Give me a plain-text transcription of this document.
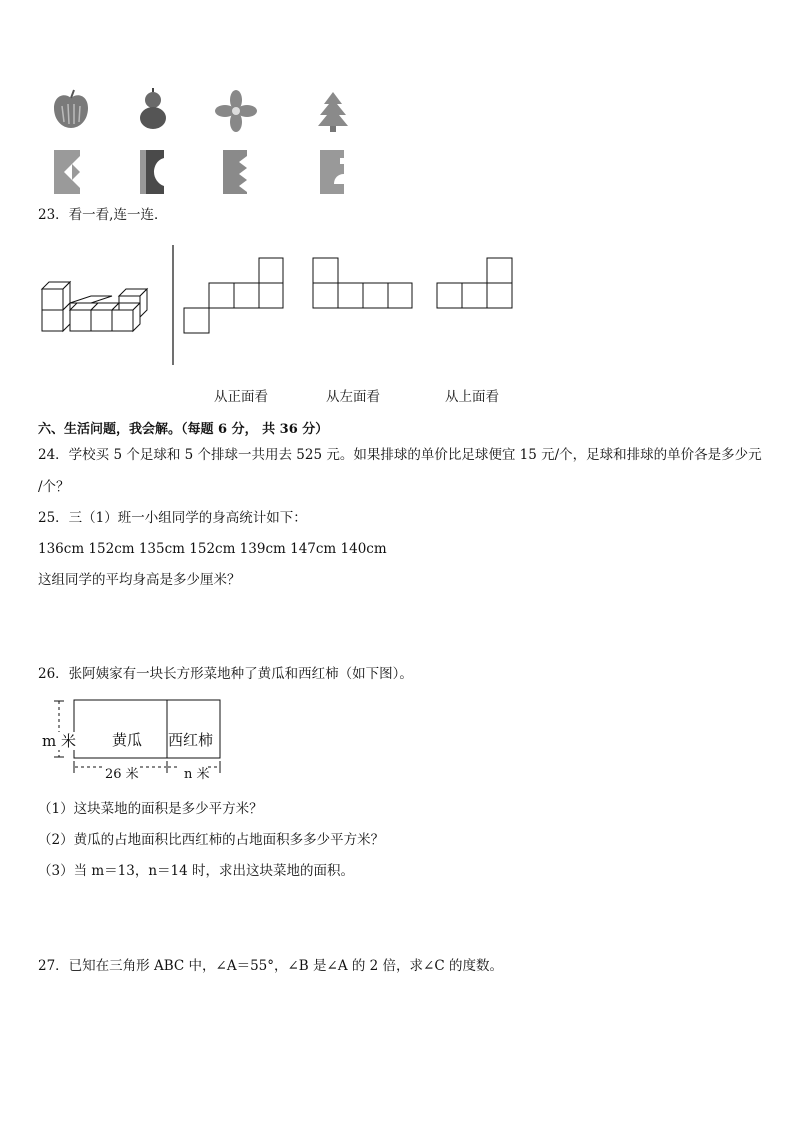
23．看一看,连一连．
从正面看	从左面看	从上面看
六、生活问题，我会解。（每题 6 分， 共 36 分）
24．学校买 5 个足球和 5 个排球一共用去 525 元。如果排球的单价比足球便宜 15 元/个，足球和排球的单价各是多少元
/个？
25．三（1）班一小组同学的身高统计如下：
136cm 152cm 135cm 152cm 139cm 147cm 140cm
这组同学的平均身高是多少厘米？
26．张阿姨家有一块长方形菜地种了黄瓜和西红柿（如下图）。
m 米 黄瓜 西红柿
26 米	n 米
（1）这块菜地的面积是多少平方米？
（2）黄瓜的占地面积比西红柿的占地面积多多少平方米？
（3）当 m＝13，n＝14 时，求出这块菜地的面积。
27．已知在三角形 ABC 中，∠A＝55°，∠B 是∠A 的 2 倍，求∠C 的度数。
